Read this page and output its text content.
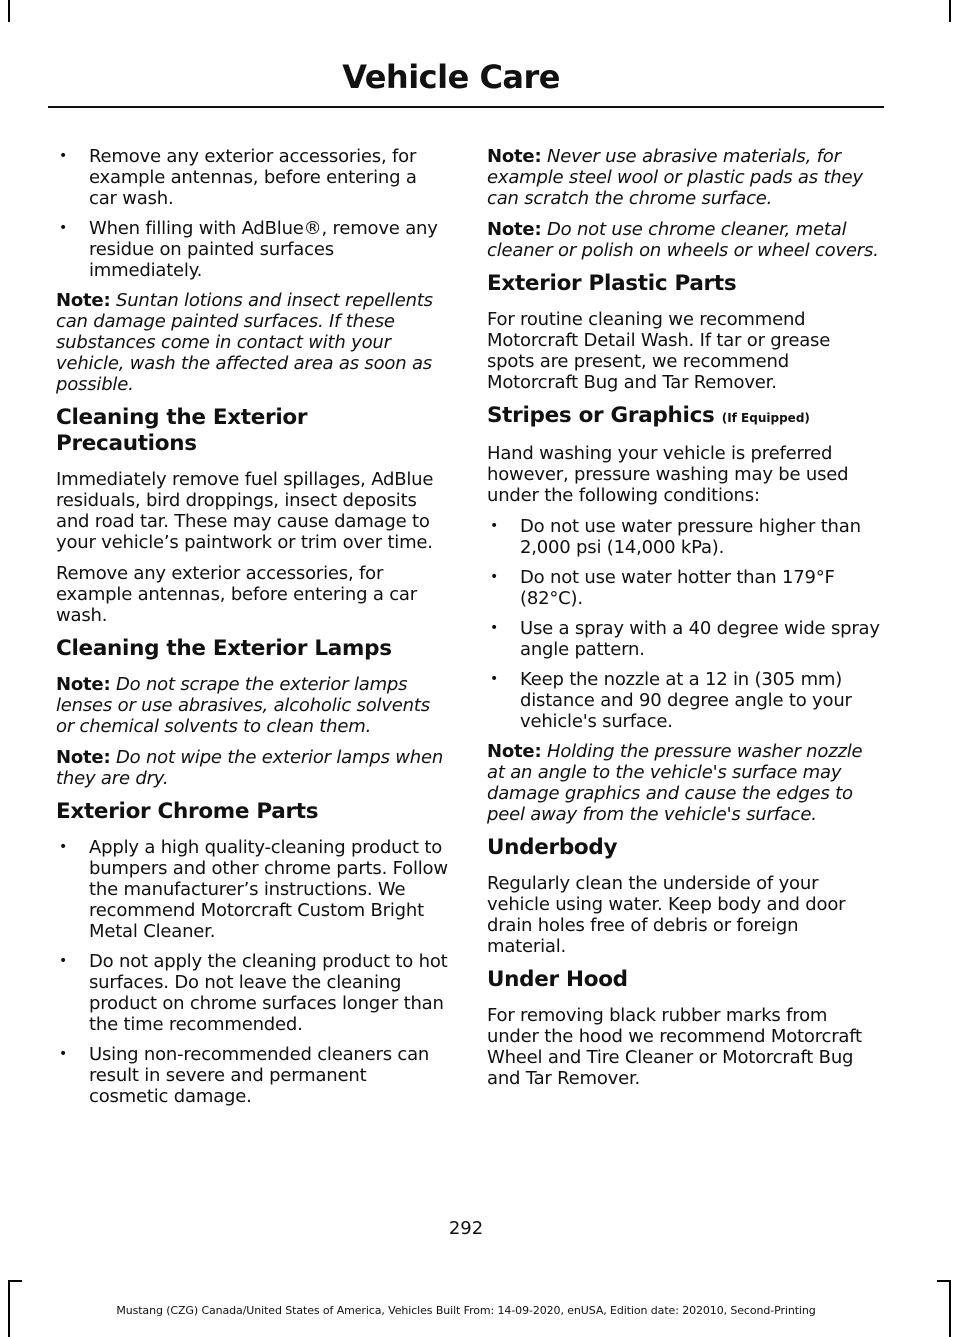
Vehicle Care
• Remove any exterior accessories, for example antennas, before entering a car wash.
• When filling with AdBlue®, remove any residue on painted surfaces immediately.

Note: Suntan lotions and insect repellents can damage painted surfaces. If these substances come in contact with your vehicle, wash the affected area as soon as possible.

Cleaning the Exterior Precautions

Immediately remove fuel spillages, AdBlue residuals, bird droppings, insect deposits and road tar. These may cause damage to your vehicle’s paintwork or trim over time.

Remove any exterior accessories, for example antennas, before entering a car wash.

Cleaning the Exterior Lamps

Note: Do not scrape the exterior lamps lenses or use abrasives, alcoholic solvents or chemical solvents to clean them.

Note: Do not wipe the exterior lamps when they are dry.

Exterior Chrome Parts
• Apply a high quality-cleaning product to bumpers and other chrome parts. Follow the manufacturer’s instructions. We recommend Motorcraft Custom Bright Metal Cleaner.
• Do not apply the cleaning product to hot surfaces. Do not leave the cleaning product on chrome surfaces longer than the time recommended.
• Using non-recommended cleaners can result in severe and permanent cosmetic damage.

Note: Never use abrasive materials, for example steel wool or plastic pads as they can scratch the chrome surface.

Note: Do not use chrome cleaner, metal cleaner or polish on wheels or wheel covers.

Exterior Plastic Parts

For routine cleaning we recommend Motorcraft Detail Wash. If tar or grease spots are present, we recommend Motorcraft Bug and Tar Remover.

Stripes or Graphics (If Equipped)

Hand washing your vehicle is preferred however, pressure washing may be used under the following conditions:

• Do not use water pressure higher than 2,000 psi (14,000 kPa).
• Do not use water hotter than 179°F (82°C).
• Use a spray with a 40 degree wide spray angle pattern.
• Keep the nozzle at a 12 in (305 mm) distance and 90 degree angle to your vehicle's surface.

Note: Holding the pressure washer nozzle at an angle to the vehicle's surface may damage graphics and cause the edges to peel away from the vehicle's surface.

Underbody

Regularly clean the underside of your vehicle using water. Keep body and door drain holes free of debris or foreign material.

Under Hood

For removing black rubber marks from under the hood we recommend Motorcraft Wheel and Tire Cleaner or Motorcraft Bug and Tar Remover.

292
Mustang (CZG) Canada/United States of America, Vehicles Built From: 14-09-2020, enUSA, Edition date: 202010, Second-Printing
